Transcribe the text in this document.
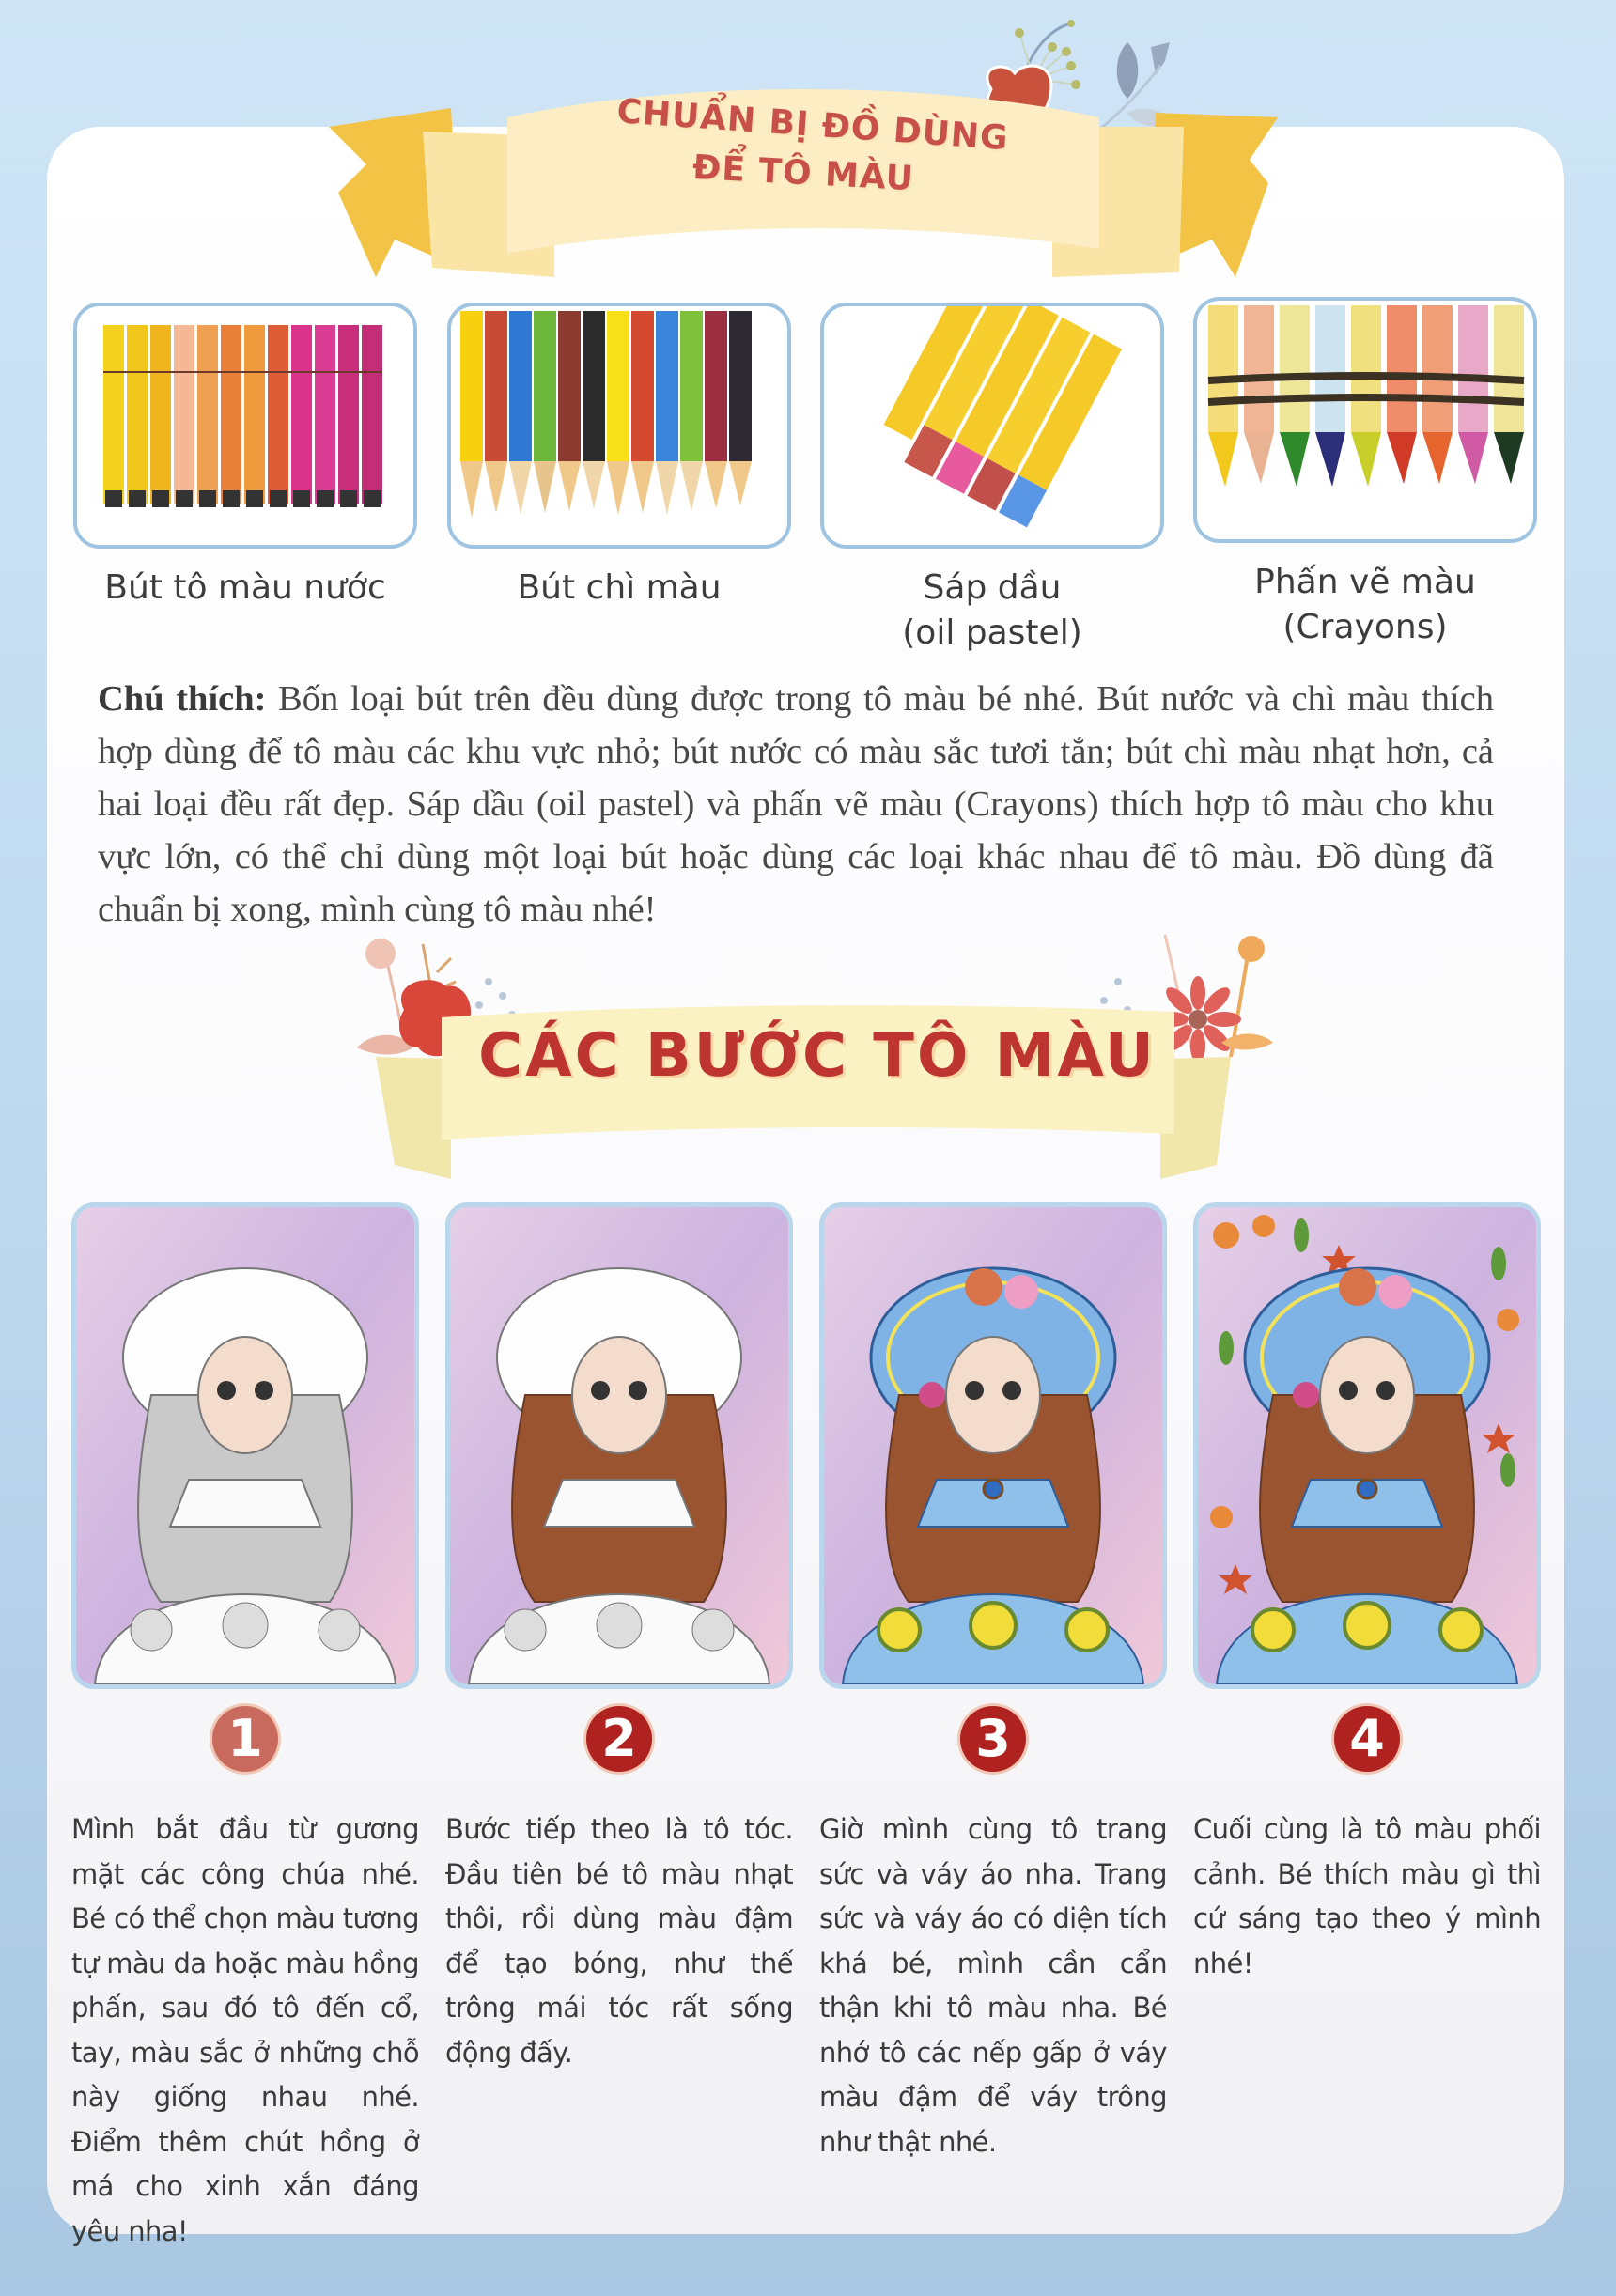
CHUẨN BỊ ĐỒ DÙNG
ĐỂ TÔ MÀU
Bút tô màu nước	Bút chì màu	Sáp dầu
(oil pastel)
Phấn vẽ màu
(Crayons)
Chú thích: Bốn loại bút trên đều dùng được trong tô màu bé nhé. Bút nước và chì màu thích hợp dùng để tô màu các khu vực nhỏ; bút nước có màu sắc tươi tắn; bút chì màu nhạt hơn, cả hai loại đều rất đẹp. Sáp dầu (oil pastel) và phấn vẽ màu (Crayons) thích hợp tô màu cho khu vực lớn, có thể chỉ dùng một loại bút hoặc dùng các loại khác nhau để tô màu. Đồ dùng đã chuẩn bị xong, mình cùng tô màu nhé!
CÁC BƯỚC TÔ MÀU
1
Mình bắt đầu từ gương mặt các công chúa nhé. Bé có thể chọn màu tương tự màu da hoặc màu hồng phấn, sau đó tô đến cổ, tay, màu sắc ở những chỗ này giống nhau nhé. Điểm thêm chút hồng ở má cho xinh xắn đáng yêu nha!
2
Bước tiếp theo là tô tóc. Đầu tiên bé tô màu nhạt thôi, rồi dùng màu đậm để tạo bóng, như thế trông mái tóc rất sống động đấy.
3
Giờ mình cùng tô trang sức và váy áo nha. Trang sức và váy áo có diện tích khá bé, mình cần cẩn thận khi tô màu nha. Bé nhớ tô các nếp gấp ở váy màu đậm để váy trông như thật nhé.
4
Cuối cùng là tô màu phối cảnh. Bé thích màu gì thì cứ sáng tạo theo ý mình nhé!
